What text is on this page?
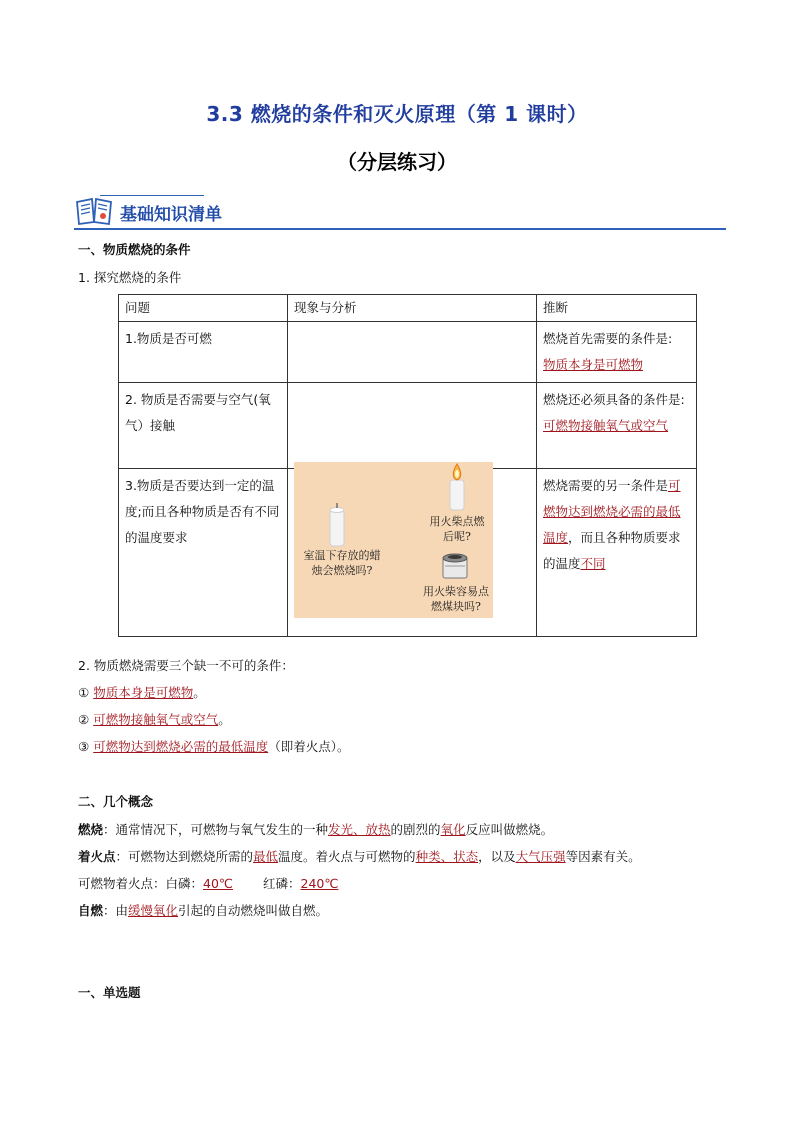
3.3 燃烧的条件和灭火原理（第 1 课时）
（分层练习）
基础知识清单
一、物质燃烧的条件
1. 探究燃烧的条件
问题	现象与分析	推断
1.物质是否可燃		燃烧首先需要的条件是:
物质本身是可燃物
2. 物质是否需要与空气(氧气）接触		燃烧还必须具备的条件是:可燃物接触氧气或空气
3.物质是否要达到一定的温度;而且各种物质是否有不同的温度要求		燃烧需要的另一条件是可燃物达到燃烧必需的最低温度，而且各种物质要求的温度不同
室温下存放的蜡烛会燃烧吗?
用火柴点燃后呢?
用火柴容易点燃煤块吗?
2. 物质燃烧需要三个缺一不可的条件：
① 物质本身是可燃物。
② 可燃物接触氧气或空气。
③ 可燃物达到燃烧必需的最低温度（即着火点）。
二、几个概念
燃烧：通常情况下，可燃物与氧气发生的一种发光、放热的剧烈的氧化反应叫做燃烧。
着火点：可燃物达到燃烧所需的最低温度。着火点与可燃物的种类、状态，以及大气压强等因素有关。
可燃物着火点：白磷：40℃ 红磷：240℃
自燃：由缓慢氧化引起的自动燃烧叫做自燃。
一、单选题
